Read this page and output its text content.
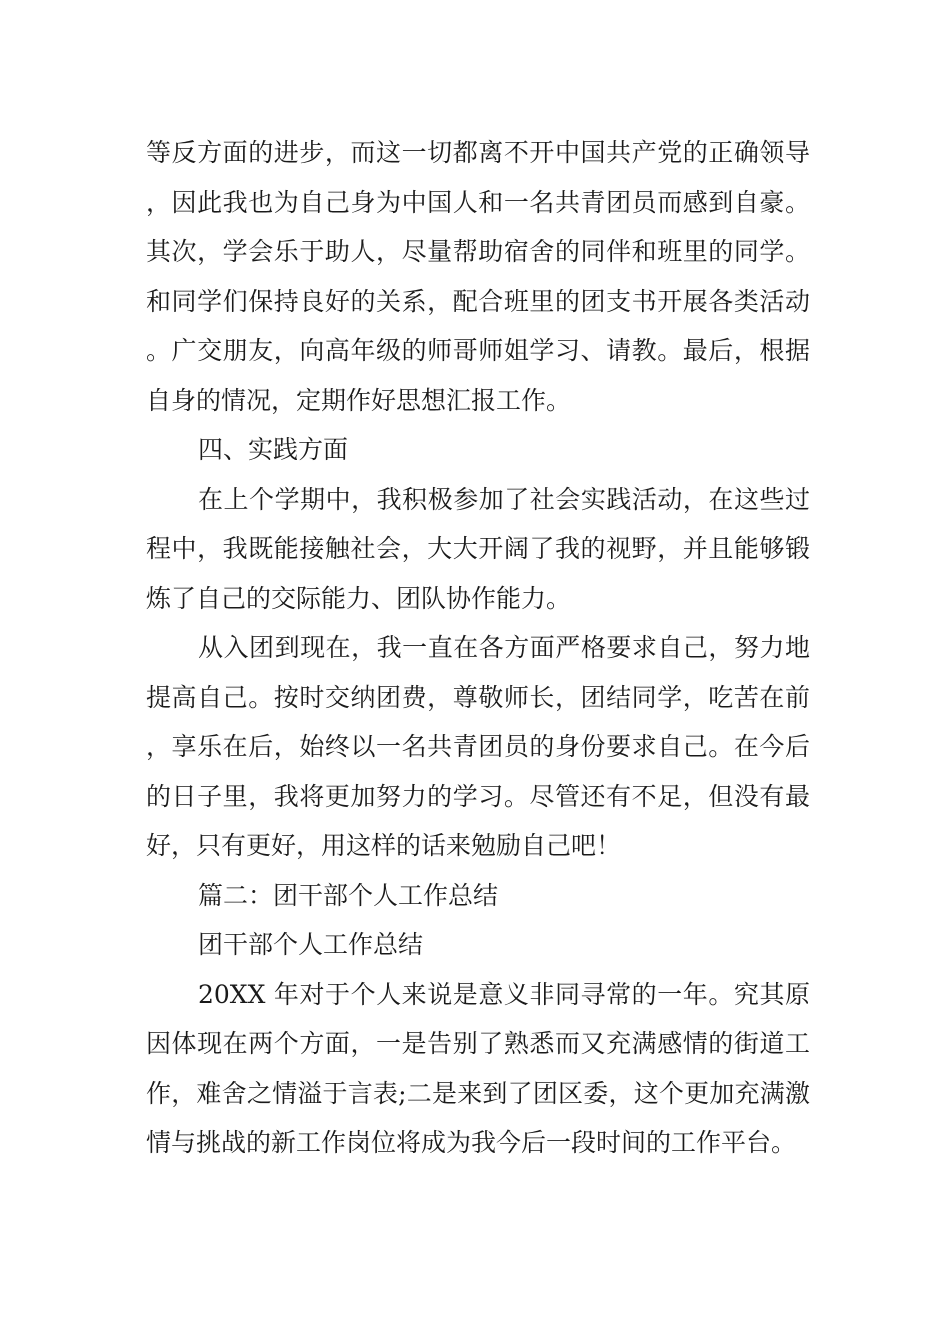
等反方面的进步，而这一切都离不开中国共产党的正确领导，因此我也为自己身为中国人和一名共青团员而感到自豪。其次，学会乐于助人，尽量帮助宿舍的同伴和班里的同学。和同学们保持良好的关系，配合班里的团支书开展各类活动。广交朋友，向高年级的师哥师姐学习、请教。最后，根据自身的情况，定期作好思想汇报工作。

四、实践方面

在上个学期中，我积极参加了社会实践活动，在这些过程中，我既能接触社会，大大开阔了我的视野，并且能够锻炼了自己的交际能力、团队协作能力。

从入团到现在，我一直在各方面严格要求自己，努力地提高自己。按时交纳团费，尊敬师长，团结同学，吃苦在前，享乐在后，始终以一名共青团员的身份要求自己。在今后的日子里，我将更加努力的学习。尽管还有不足，但没有最好，只有更好，用这样的话来勉励自己吧！

篇二：团干部个人工作总结

团干部个人工作总结

20XX 年对于个人来说是意义非同寻常的一年。究其原因体现在两个方面，一是告别了熟悉而又充满感情的街道工作，难舍之情溢于言表;二是来到了团区委，这个更加充满激情与挑战的新工作岗位将成为我今后一段时间的工作平台。
